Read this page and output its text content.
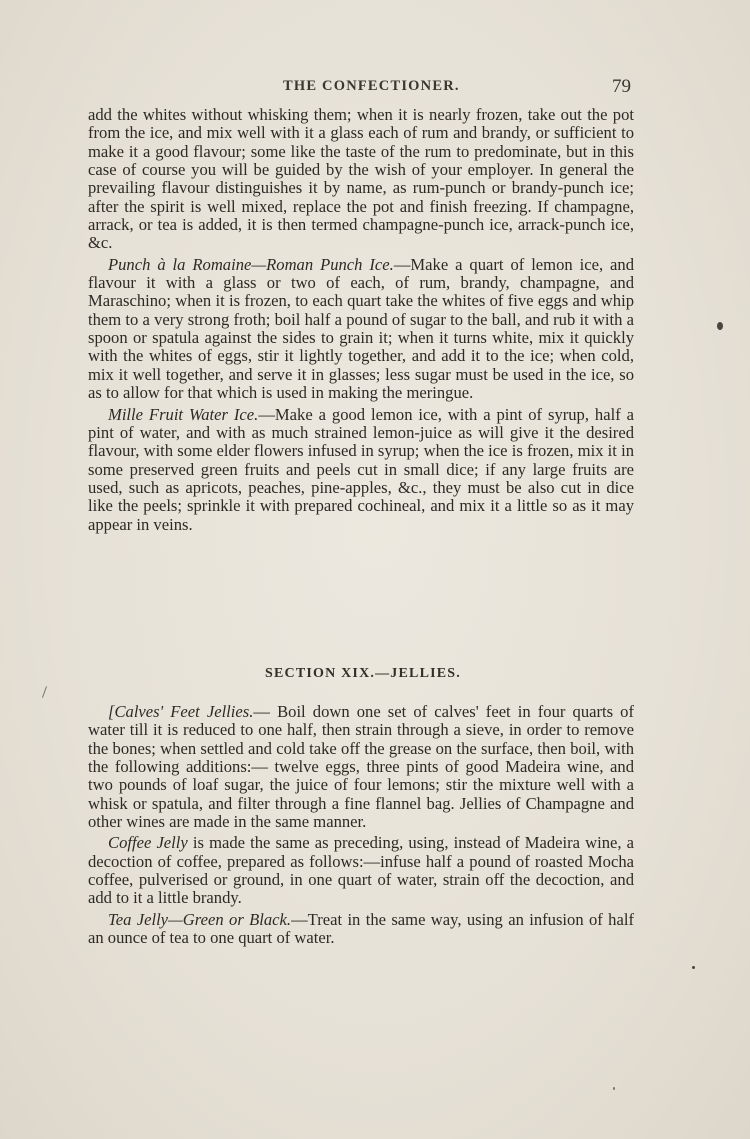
THE CONFECTIONER.	79

add the whites without whisking them; when it is nearly frozen, take out the pot from the ice, and mix well with it a glass each of rum and brandy, or sufficient to make it a good flavour; some like the taste of the rum to predominate, but in this case of course you will be guided by the wish of your employer. In general the prevailing flavour distinguishes it by name, as rum-punch or brandy-punch ice; after the spirit is well mixed, replace the pot and finish freezing. If champagne, arrack, or tea is added, it is then termed champagne-punch ice, arrack-punch ice, &c.

Punch à la Romaine—Roman Punch Ice.—Make a quart of lemon ice, and flavour it with a glass or two of each, of rum, brandy, champagne, and Maraschino; when it is frozen, to each quart take the whites of five eggs and whip them to a very strong froth; boil half a pound of sugar to the ball, and rub it with a spoon or spatula against the sides to grain it; when it turns white, mix it quickly with the whites of eggs, stir it lightly together, and add it to the ice; when cold, mix it well together, and serve it in glasses; less sugar must be used in the ice, so as to allow for that which is used in making the meringue.

Mille Fruit Water Ice.—Make a good lemon ice, with a pint of syrup, half a pint of water, and with as much strained lemon-juice as will give it the desired flavour, with some elder flowers infused in syrup; when the ice is frozen, mix it in some preserved green fruits and peels cut in small dice; if any large fruits are used, such as apricots, peaches, pine-apples, &c., they must be also cut in dice like the peels; sprinkle it with prepared cochineal, and mix it a little so as it may appear in veins.

SECTION XIX.—JELLIES.

[Calves' Feet Jellies.— Boil down one set of calves' feet in four quarts of water till it is reduced to one half, then strain through a sieve, in order to remove the bones; when settled and cold take off the grease on the surface, then boil, with the following additions:— twelve eggs, three pints of good Madeira wine, and two pounds of loaf sugar, the juice of four lemons; stir the mixture well with a whisk or spatula, and filter through a fine flannel bag. Jellies of Champagne and other wines are made in the same manner.

Coffee Jelly is made the same as preceding, using, instead of Madeira wine, a decoction of coffee, prepared as follows:—infuse half a pound of roasted Mocha coffee, pulverised or ground, in one quart of water, strain off the decoction, and add to it a little brandy.

Tea Jelly—Green or Black.—Treat in the same way, using an infusion of half an ounce of tea to one quart of water.
